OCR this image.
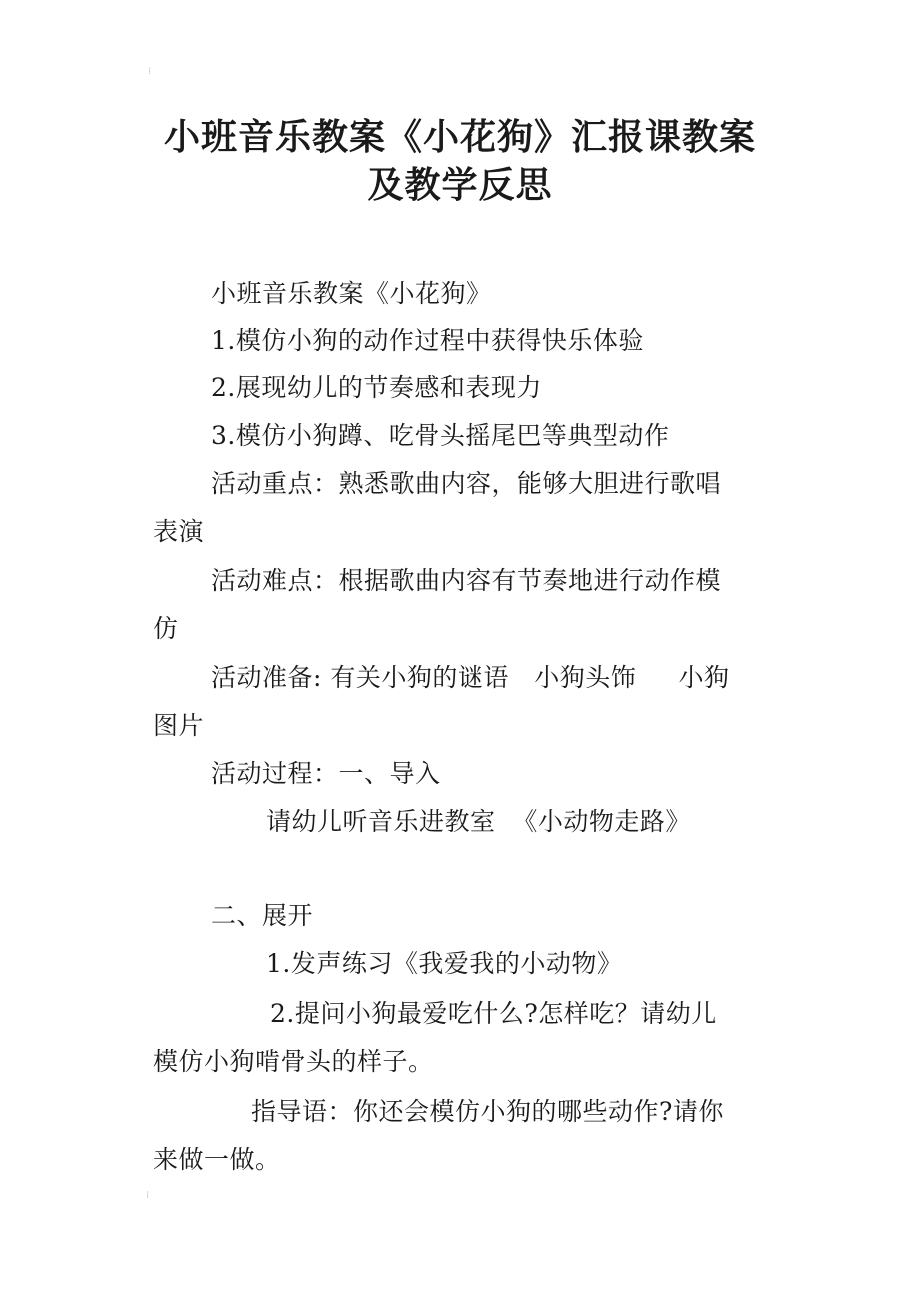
⁞
小班音乐教案《小花狗》汇报课教案
及教学反思
小班音乐教案《小花狗》
1.模仿小狗的动作过程中获得快乐体验
2.展现幼儿的节奏感和表现力
3.模仿小狗蹲、吃骨头摇尾巴等典型动作
活动重点：熟悉歌曲内容，能够大胆进行歌唱
表演
活动难点：根据歌曲内容有节奏地进行动作模
仿
活动准备: 有关小狗的谜语   小狗头饰     小狗
图片
活动过程：一、导入
请幼儿听音乐进教室  《小动物走路》
二、展开
1.发声练习《我爱我的小动物》
2.提问小狗最爱吃什么?怎样吃？请幼儿
模仿小狗啃骨头的样子。
指导语：你还会模仿小狗的哪些动作?请你
来做一做。
⁞
